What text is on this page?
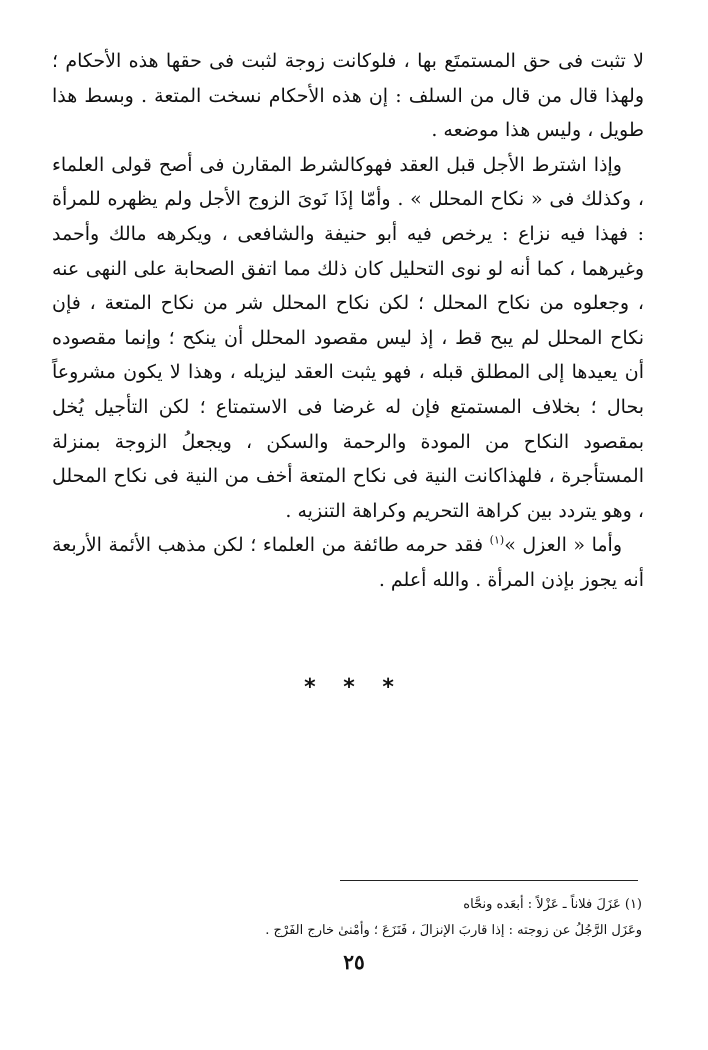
لا تثبت فى حق المستمتَع بها ، فلوكانت زوجة لثبت فى حقها هذه الأحكام ؛ ولهذا قال من قال من السلف : إن هذه الأحكام نسخت المتعة . وبسط هذا طويل ، وليس هذا موضعه .

وإذا اشترط الأجل قبل العقد فهوكالشرط المقارن فى أصح قولى العلماء ، وكذلك فى « نكاح المحلل » . وأمّا إذَا نَوىَ الزوج الأجل ولم يظهره للمرأة : فهذا فيه نزاع : يرخص فيه أبو حنيفة والشافعى ، ويكرهه مالك وأحمد وغيرهما ، كما أنه لو نوى التحليل كان ذلك مما اتفق الصحابة على النهى عنه ، وجعلوه من نكاح المحلل ؛ لكن نكاح المحلل شر من نكاح المتعة ، فإن نكاح المحلل لم يبح قط ، إذ ليس مقصود المحلل أن ينكح ؛ وإنما مقصوده أن يعيدها إلى المطلق قبله ، فهو يثبت العقد ليزيله ، وهذا لا يكون مشروعاً بحال ؛ بخلاف المستمتع فإن له غرضا فى الاستمتاع ؛ لكن التأجيل يُخل بمقصود النكاح من المودة والرحمة والسكن ، ويجعلُ الزوجة بمنزلة المستأجرة ، فلهذاكانت النية فى نكاح المتعة أخف من النية فى نكاح المحلل ، وهو يتردد بين كراهة التحريم وكراهة التنزيه .

وأما « العزل »$^{(١)}$ فقد حرمه طائفة من العلماء ؛ لكن مذهب الأئمة الأربعة أنه يجوز بإذن المرأة . والله أعلم .

* * *

(١) عَزَلَ فلاناً ـ عَزْلاً : أبعَده ونحَّاه

وعَزَل الرَّجُلُ عن زوجته : إذا قاربَ الإنزالَ ، فَنَزَعَ ؛ وأمْنىٰ خارج الفَرْج .

٢٥
